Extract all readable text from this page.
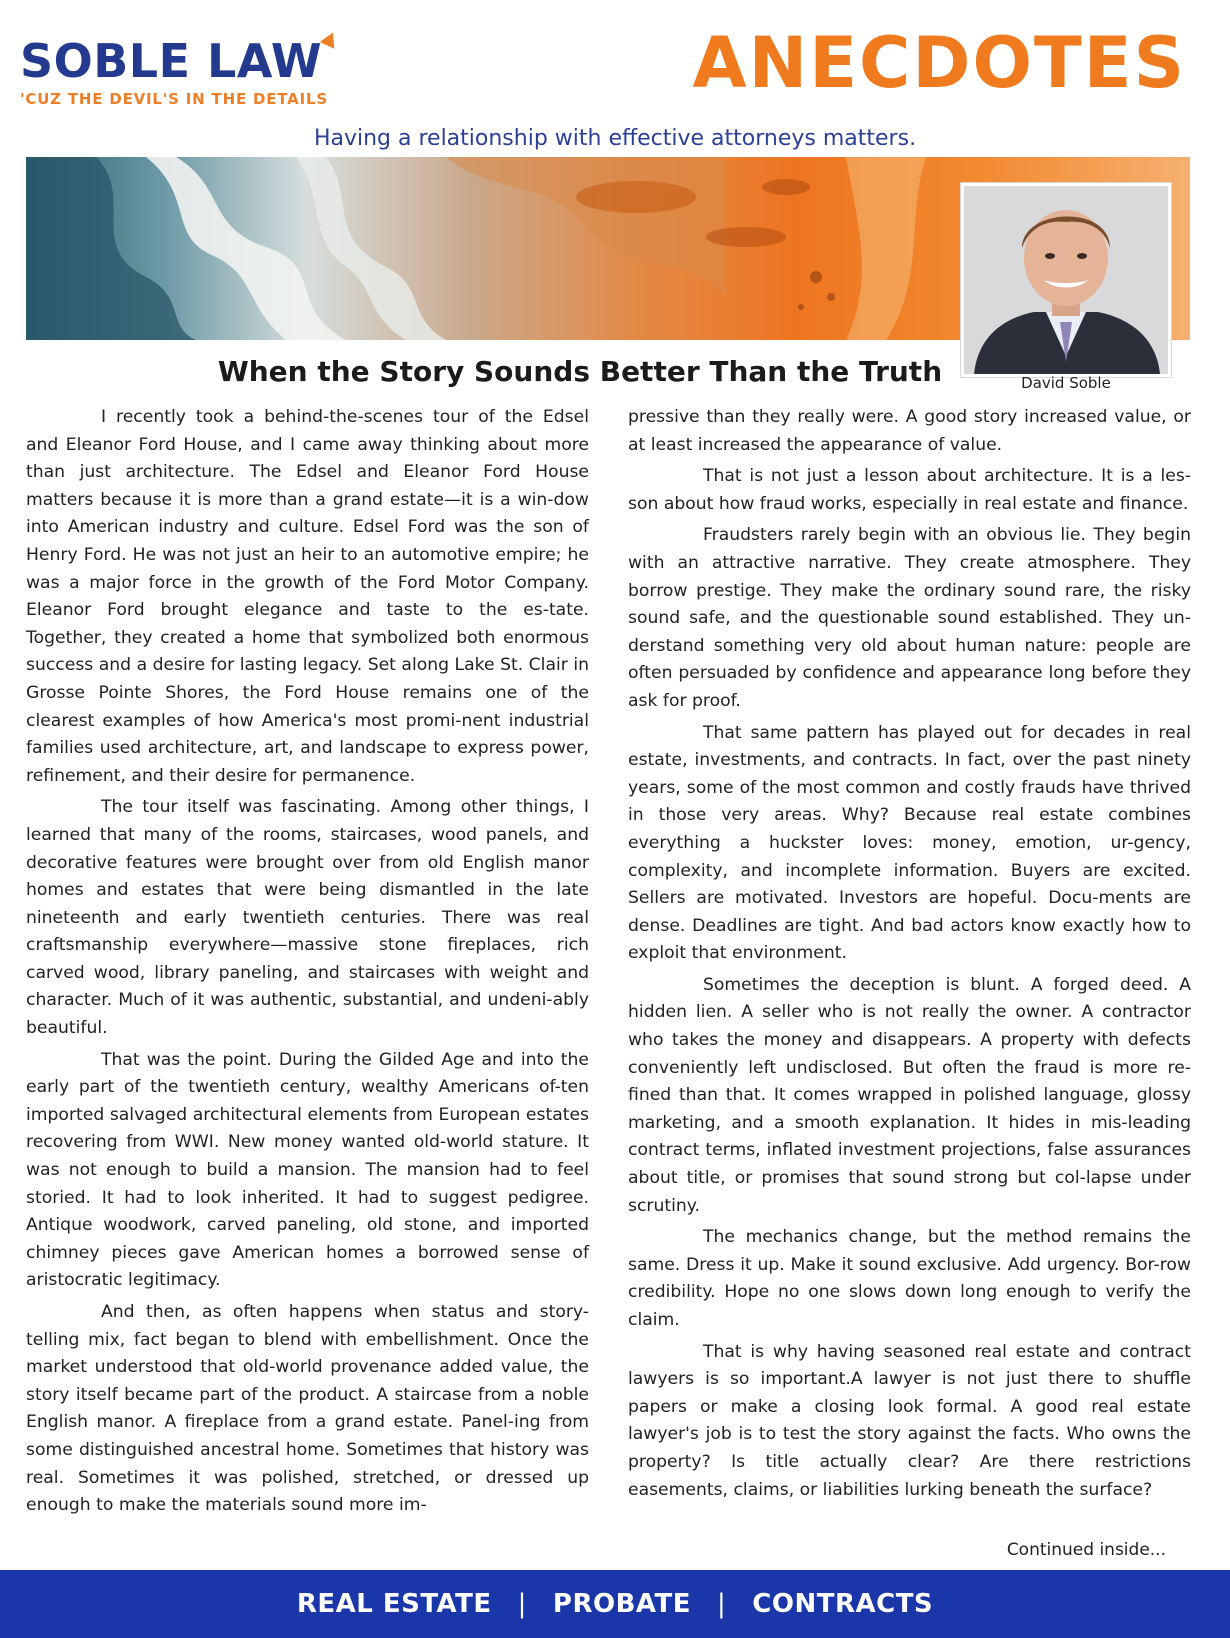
SOBLE LAW
'CUZ THE DEVIL'S IN THE DETAILS	ANECDOTES
Having a relationship with effective attorneys matters.
David Soble
When the Story Sounds Better Than the Truth

I recently took a behind-the-scenes tour of the Edsel and Eleanor Ford House, and I came away thinking about more than just architecture. The Edsel and Eleanor Ford House matters because it is more than a grand estate—it is a win-dow into American industry and culture. Edsel Ford was the son of Henry Ford. He was not just an heir to an automotive empire; he was a major force in the growth of the Ford Motor Company. Eleanor Ford brought elegance and taste to the es-tate. Together, they created a home that symbolized both enormous success and a desire for lasting legacy. Set along Lake St. Clair in Grosse Pointe Shores, the Ford House remains one of the clearest examples of how America's most promi-nent industrial families used architecture, art, and landscape to express power, refinement, and their desire for permanence.

The tour itself was fascinating. Among other things, I learned that many of the rooms, staircases, wood panels, and decorative features were brought over from old English manor homes and estates that were being dismantled in the late nineteenth and early twentieth centuries. There was real craftsmanship everywhere—massive stone fireplaces, rich carved wood, library paneling, and staircases with weight and character. Much of it was authentic, substantial, and undeni-ably beautiful.

That was the point. During the Gilded Age and into the early part of the twentieth century, wealthy Americans of-ten imported salvaged architectural elements from European estates recovering from WWI. New money wanted old-world stature. It was not enough to build a mansion. The mansion had to feel storied. It had to look inherited. It had to suggest pedigree. Antique woodwork, carved paneling, old stone, and imported chimney pieces gave American homes a borrowed sense of aristocratic legitimacy.

And then, as often happens when status and story-telling mix, fact began to blend with embellishment. Once the market understood that old-world provenance added value, the story itself became part of the product. A staircase from a noble English manor. A fireplace from a grand estate. Panel-ing from some distinguished ancestral home. Sometimes that history was real. Sometimes it was polished, stretched, or dressed up enough to make the materials sound more im-

pressive than they really were. A good story increased value, or at least increased the appearance of value.

That is not just a lesson about architecture. It is a les-son about how fraud works, especially in real estate and finance.

Fraudsters rarely begin with an obvious lie. They begin with an attractive narrative. They create atmosphere. They borrow prestige. They make the ordinary sound rare, the risky sound safe, and the questionable sound established. They un-derstand something very old about human nature: people are often persuaded by confidence and appearance long before they ask for proof.

That same pattern has played out for decades in real estate, investments, and contracts. In fact, over the past ninety years, some of the most common and costly frauds have thrived in those very areas. Why? Because real estate combines everything a huckster loves: money, emotion, ur-gency, complexity, and incomplete information. Buyers are excited. Sellers are motivated. Investors are hopeful. Docu-ments are dense. Deadlines are tight. And bad actors know exactly how to exploit that environment.

Sometimes the deception is blunt. A forged deed. A hidden lien. A seller who is not really the owner. A contractor who takes the money and disappears. A property with defects conveniently left undisclosed. But often the fraud is more re-fined than that. It comes wrapped in polished language, glossy marketing, and a smooth explanation. It hides in mis-leading contract terms, inflated investment projections, false assurances about title, or promises that sound strong but col-lapse under scrutiny.

The mechanics change, but the method remains the same. Dress it up. Make it sound exclusive. Add urgency. Bor-row credibility. Hope no one slows down long enough to verify the claim.

That is why having seasoned real estate and contract lawyers is so important.A lawyer is not just there to shuffle papers or make a closing look formal. A good real estate lawyer's job is to test the story against the facts. Who owns the property? Is title actually clear? Are there restrictions easements, claims, or liabilities lurking beneath the surface?

Continued inside...
REAL ESTATE | PROBATE | CONTRACTS
